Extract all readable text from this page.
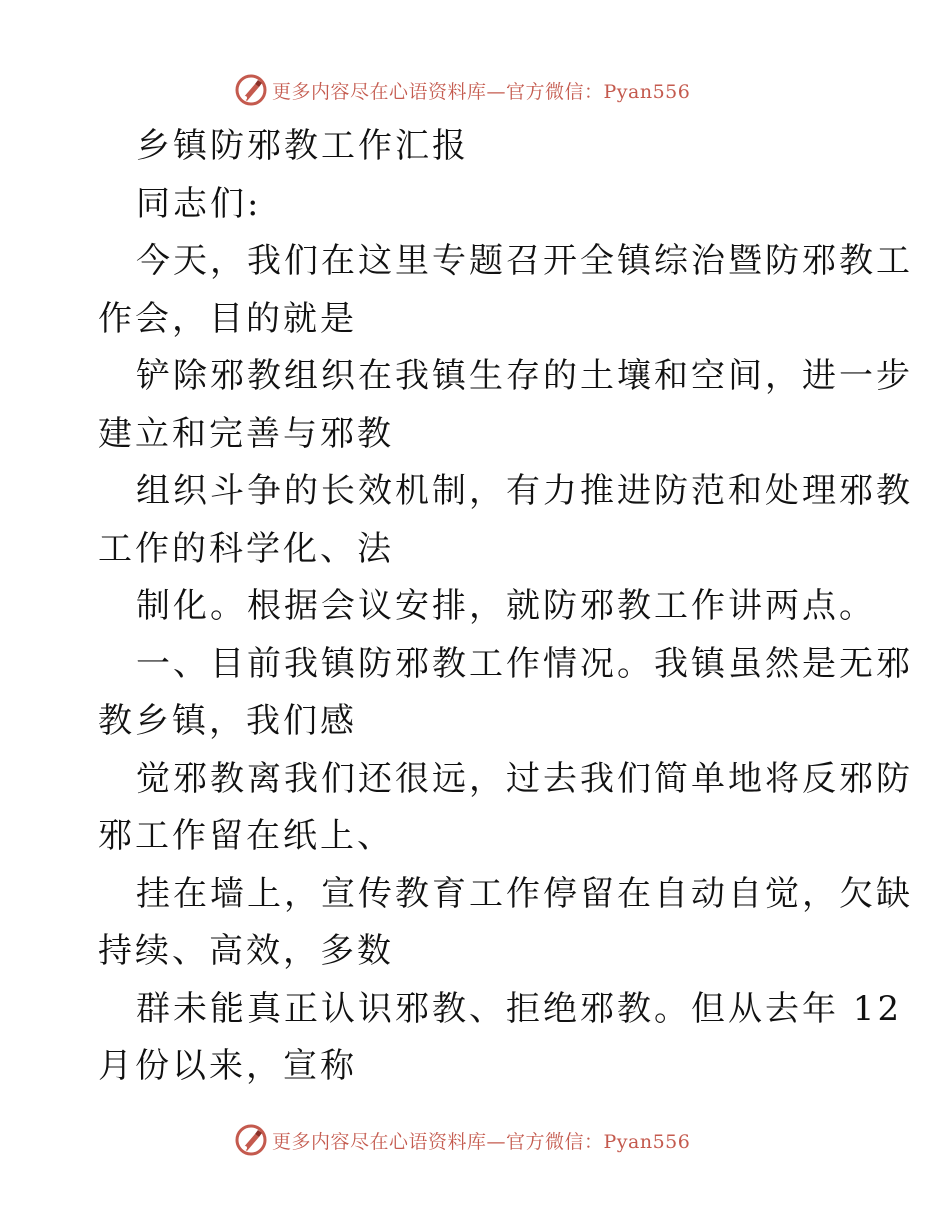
更多内容尽在心语资料库—官方微信：Pyan556
乡镇防邪教工作汇报
同志们:
今天，我们在这里专题召开全镇综治暨防邪教工
作会，目的就是
铲除邪教组织在我镇生存的土壤和空间，进一步
建立和完善与邪教
组织斗争的长效机制，有力推进防范和处理邪教
工作的科学化、法
制化。根据会议安排，就防邪教工作讲两点。
一、目前我镇防邪教工作情况。我镇虽然是无邪
教乡镇，我们感
觉邪教离我们还很远，过去我们简单地将反邪防
邪工作留在纸上、
挂在墙上，宣传教育工作停留在自动自觉，欠缺
持续、高效，多数
群未能真正认识邪教、拒绝邪教。但从去年 12
月份以来，宣称
更多内容尽在心语资料库—官方微信：Pyan556
